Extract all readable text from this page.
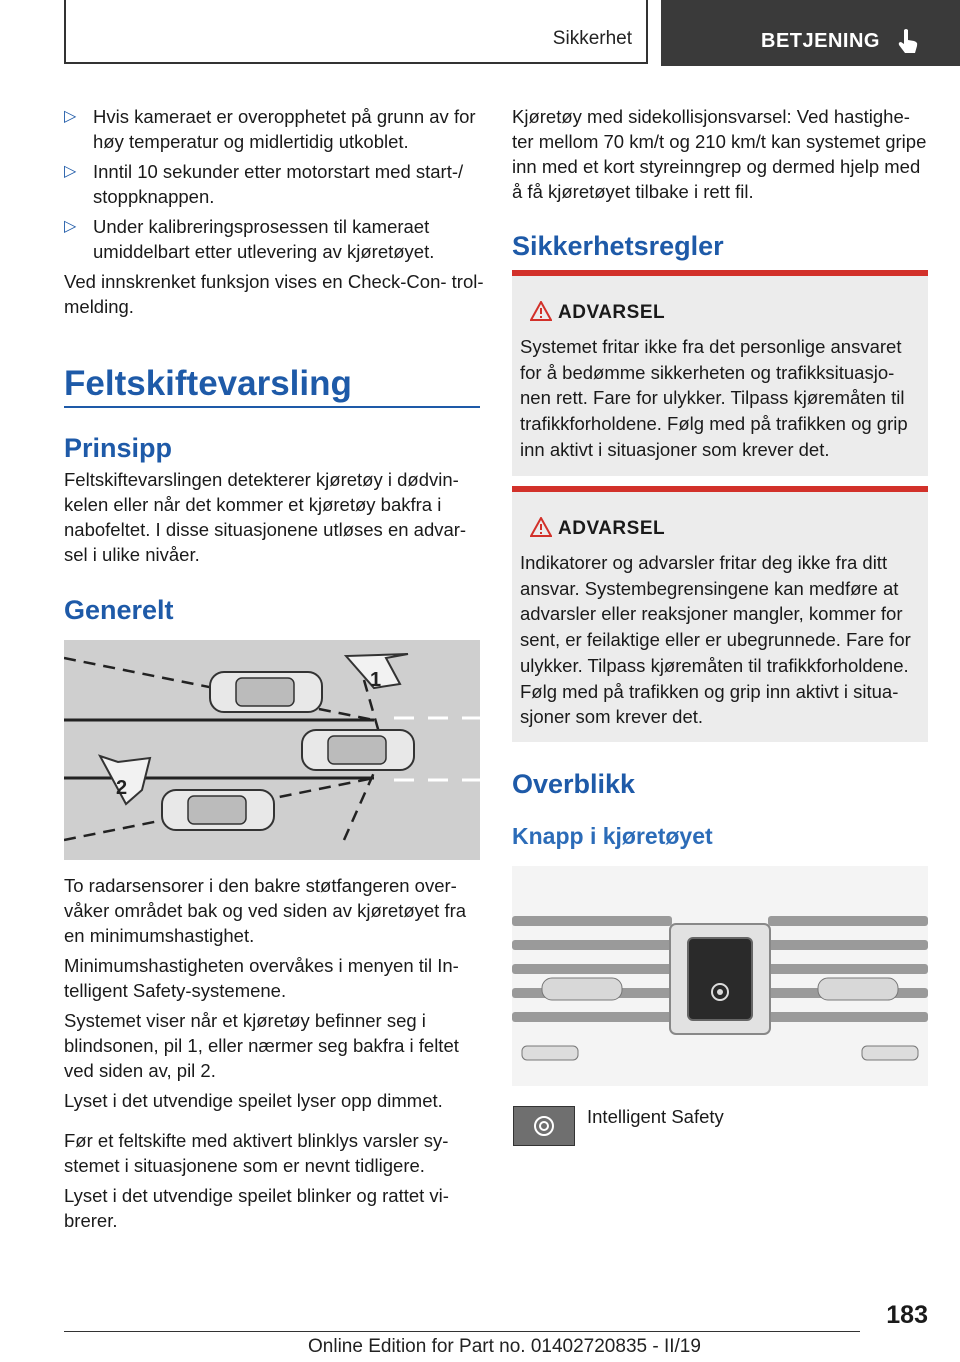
Sikkerhet	BETJENING
▷ Hvis kameraet er overopphetet på grunn av for høy temperatur og midlertidig utkoblet.

▷ Inntil 10 sekunder etter motorstart med start-/ stoppknappen.

▷ Under kalibreringsprosessen til kameraet umiddelbart etter utlevering av kjøretøyet.

Ved innskrenket funksjon vises en Check-Con- trol-melding.

Feltskiftevarsling
Prinsipp

Feltskiftevarslingen detekterer kjøretøy i dødvin- kelen eller når det kommer et kjøretøy bakfra i nabofeltet. I disse situasjonene utløses en advar- sel i ulike nivåer.

Generelt
1
2

To radarsensorer i den bakre støtfangeren over- våker området bak og ved siden av kjøretøyet fra en minimumshastighet.

Minimumshastigheten overvåkes i menyen til In- telligent Safety-systemene.

Systemet viser når et kjøretøy befinner seg i blindsonen, pil 1, eller nærmer seg bakfra i feltet ved siden av, pil 2.

Lyset i det utvendige speilet lyser opp dimmet.

Før et feltskifte med aktivert blinklys varsler sy- stemet i situasjonene som er nevnt tidligere.

Lyset i det utvendige speilet blinker og rattet vi- brerer.

Kjøretøy med sidekollisjonsvarsel: Ved hastighe- ter mellom 70 km/t og 210 km/t kan systemet gripe inn med et kort styreinngrep og dermed hjelp med å få kjøretøyet tilbake i rett fil.

Sikkerhetsregler
ADVARSEL

Systemet fritar ikke fra det personlige ansvaret for å bedømme sikkerheten og trafikksituasjo- nen rett. Fare for ulykker. Tilpass kjøremåten til trafikkforholdene. Følg med på trafikken og grip inn aktivt i situasjoner som krever det.

ADVARSEL

Indikatorer og advarsler fritar deg ikke fra ditt ansvar. Systembegrensingene kan medføre at advarsler eller reaksjoner mangler, kommer for sent, er feilaktige eller er ubegrunnede. Fare for ulykker. Tilpass kjøremåten til trafikkforholdene. Følg med på trafikken og grip inn aktivt i situa- sjoner som krever det.

Overblikk
Knapp i kjøretøyet

Intelligent Safety

183
Online Edition for Part no. 01402720835 - II/19
